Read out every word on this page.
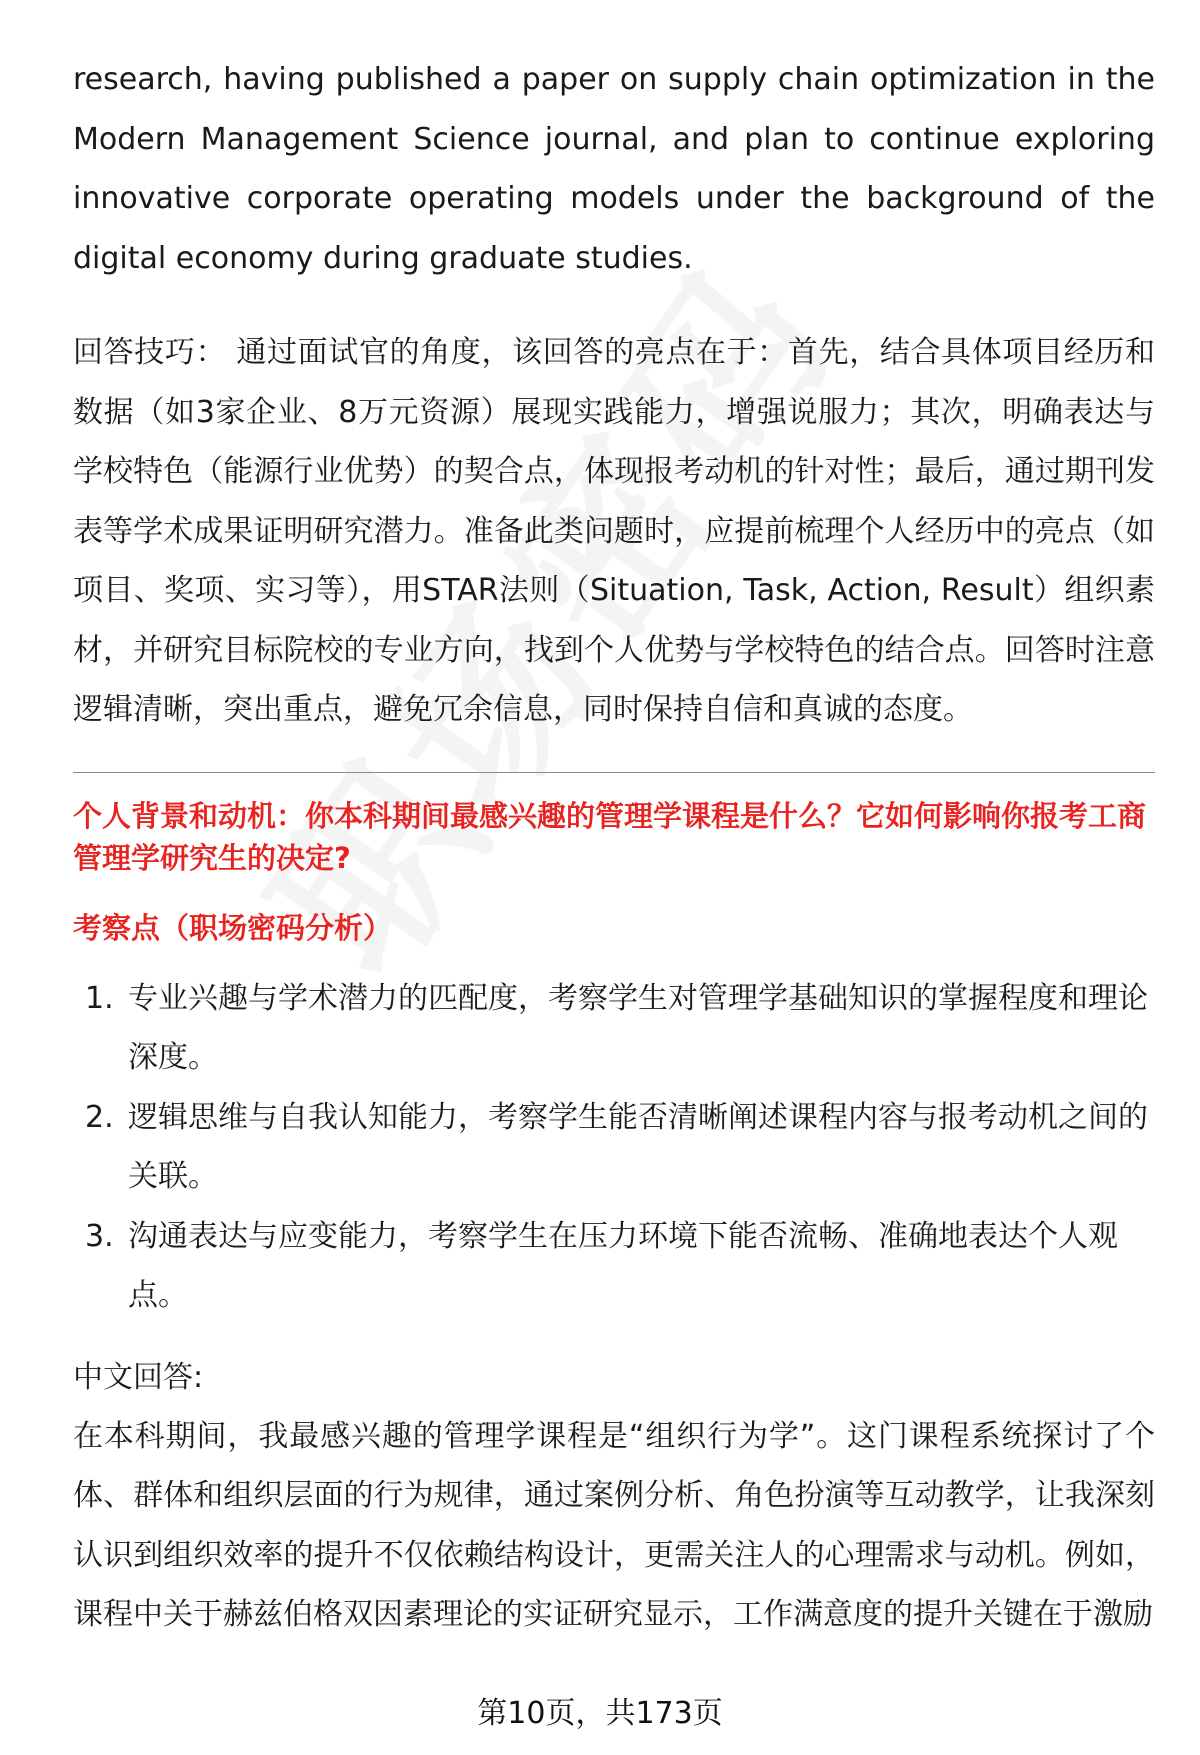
research, having published a paper on supply chain optimization in the Modern Management Science journal, and plan to continue exploring innovative corporate operating models under the background of the digital economy during graduate studies.

回答技巧： 通过面试官的角度，该回答的亮点在于：首先，结合具体项目经历和数据（如3家企业、8万元资源）展现实践能力，增强说服力；其次，明确表达与学校特色（能源行业优势）的契合点，体现报考动机的针对性；最后，通过期刊发表等学术成果证明研究潜力。准备此类问题时，应提前梳理个人经历中的亮点（如项目、奖项、实习等），用STAR法则（Situation, Task, Action, Result）组织素材，并研究目标院校的专业方向，找到个人优势与学校特色的结合点。回答时注意逻辑清晰，突出重点，避免冗余信息，同时保持自信和真诚的态度。

个人背景和动机：你本科期间最感兴趣的管理学课程是什么？它如何影响你报考工商管理学研究生的决定?

考察点（职场密码分析）

1. 专业兴趣与学术潜力的匹配度，考察学生对管理学基础知识的掌握程度和理论深度。
2. 逻辑思维与自我认知能力，考察学生能否清晰阐述课程内容与报考动机之间的关联。
3. 沟通表达与应变能力，考察学生在压力环境下能否流畅、准确地表达个人观点。

中文回答:

在本科期间，我最感兴趣的管理学课程是“组织行为学”。这门课程系统探讨了个体、群体和组织层面的行为规律，通过案例分析、角色扮演等互动教学，让我深刻认识到组织效率的提升不仅依赖结构设计，更需关注人的心理需求与动机。例如，课程中关于赫兹伯格双因素理论的实证研究显示，工作满意度的提升关键在于激励

第10页，共173页
